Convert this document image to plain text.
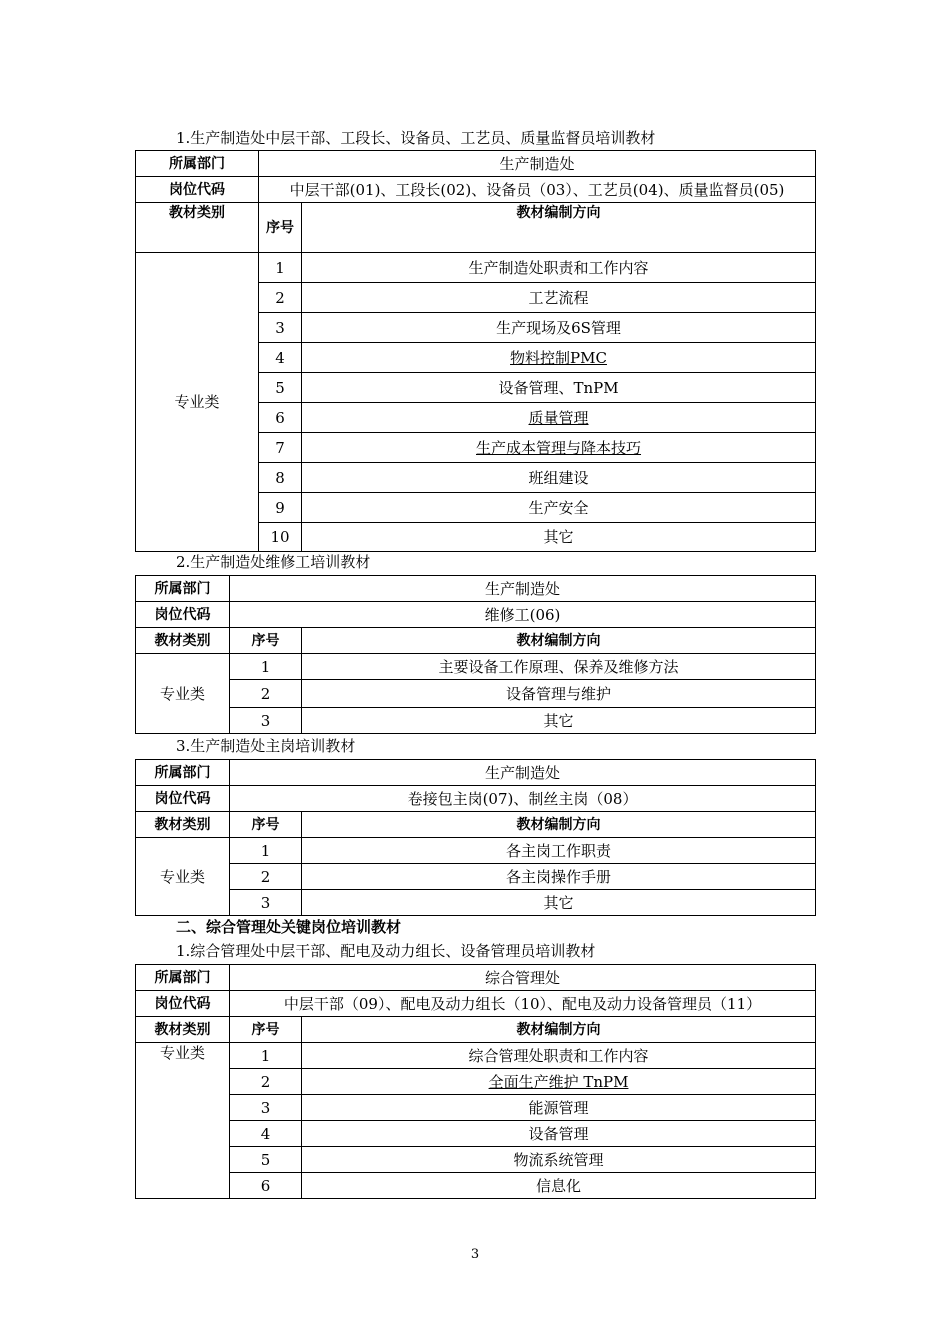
1.生产制造处中层干部、工段长、设备员、工艺员、质量监督员培训教材
所属部门	生产制造处	
岗位代码	中层干部(01)、工段长(02)、设备员（03）、工艺员(04)、质量监督员(05)	
教材类别	序号	教材编制方向
专业类	1	生产制造处职责和工作内容
	2	工艺流程
	3	生产现场及6S管理
	4	物料控制PMC
	5	设备管理、TnPM
	6	质量管理
	7	生产成本管理与降本技巧
	8	班组建设
	9	生产安全
	10	其它
2.生产制造处维修工培训教材
所属部门	生产制造处	
岗位代码	维修工(06)	
教材类别	序号	教材编制方向
专业类	1	主要设备工作原理、保养及维修方法
	2	设备管理与维护
	3	其它
3.生产制造处主岗培训教材
所属部门	生产制造处	
岗位代码	卷接包主岗(07)、制丝主岗（08）	
教材类别	序号	教材编制方向
专业类	1	各主岗工作职责
	2	各主岗操作手册
	3	其它
二、综合管理处关键岗位培训教材
1.综合管理处中层干部、配电及动力组长、设备管理员培训教材
所属部门	综合管理处	
岗位代码	中层干部（09）、配电及动力组长（10）、配电及动力设备管理员（11）	
教材类别	序号	教材编制方向
专业类	1	综合管理处职责和工作内容
	2	全面生产维护 TnPM
	3	能源管理
	4	设备管理
	5	物流系统管理
	6	信息化
3
